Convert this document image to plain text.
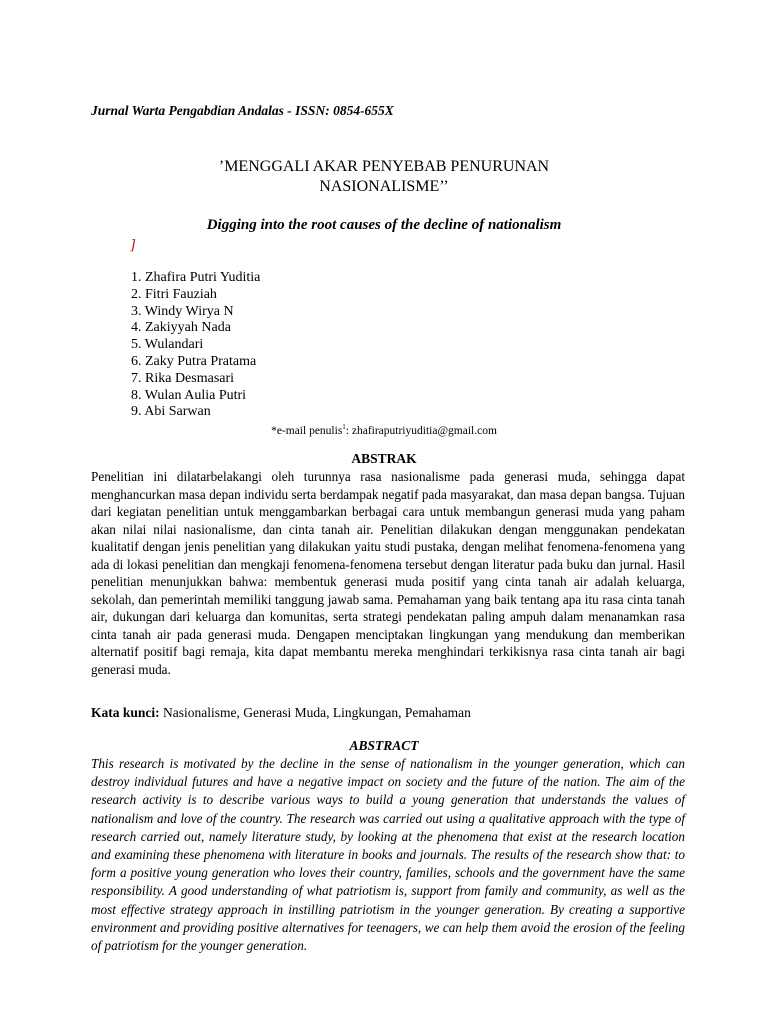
Jurnal Warta Pengabdian Andalas - ISSN: 0854-655X
’MENGGALI AKAR PENYEBAB PENURUNAN
NASIONALISME’’
Digging into the root causes of the decline of nationalism
]
1. Zhafira Putri Yuditia
2. Fitri Fauziah
3. Windy Wirya N
4. Zakiyyah Nada
5. Wulandari
6. Zaky Putra Pratama
7. Rika Desmasari
8. Wulan Aulia Putri
9. Abi Sarwan
*e-mail penulis$^1$: zhafiraputriyuditia@gmail.com
ABSTRAK

Penelitian ini dilatarbelakangi oleh turunnya rasa nasionalisme pada generasi muda, sehingga dapat menghancurkan masa depan individu serta berdampak negatif pada masyarakat, dan masa depan bangsa. Tujuan dari kegiatan penelitian untuk menggambarkan berbagai cara untuk membangun generasi muda yang paham akan nilai nilai nasionalisme, dan cinta tanah air. Penelitian dilakukan dengan menggunakan pendekatan kualitatif dengan jenis penelitian yang dilakukan yaitu studi pustaka, dengan melihat fenomena-fenomena yang ada di lokasi penelitian dan mengkaji fenomena-fenomena tersebut dengan literatur pada buku dan jurnal. Hasil penelitian menunjukkan bahwa: membentuk generasi muda positif yang cinta tanah air adalah keluarga, sekolah, dan pemerintah memiliki tanggung jawab sama. Pemahaman yang baik tentang apa itu rasa cinta tanah air, dukungan dari keluarga dan komunitas, serta strategi pendekatan paling ampuh dalam menanamkan rasa cinta tanah air pada generasi muda. Dengapen menciptakan lingkungan yang mendukung dan memberikan alternatif positif bagi remaja, kita dapat membantu mereka menghindari terkikisnya rasa cinta tanah air bagi generasi muda.

Kata kunci: Nasionalisme, Generasi Muda, Lingkungan, Pemahaman
ABSTRACT

This research is motivated by the decline in the sense of nationalism in the younger generation, which can destroy individual futures and have a negative impact on society and the future of the nation. The aim of the research activity is to describe various ways to build a young generation that understands the values of nationalism and love of the country. The research was carried out using a qualitative approach with the type of research carried out, namely literature study, by looking at the phenomena that exist at the research location and examining these phenomena with literature in books and journals. The results of the research show that: to form a positive young generation who loves their country, families, schools and the government have the same responsibility. A good understanding of what patriotism is, support from family and community, as well as the most effective strategy approach in instilling patriotism in the younger generation. By creating a supportive environment and providing positive alternatives for teenagers, we can help them avoid the erosion of the feeling of patriotism for the younger generation.
